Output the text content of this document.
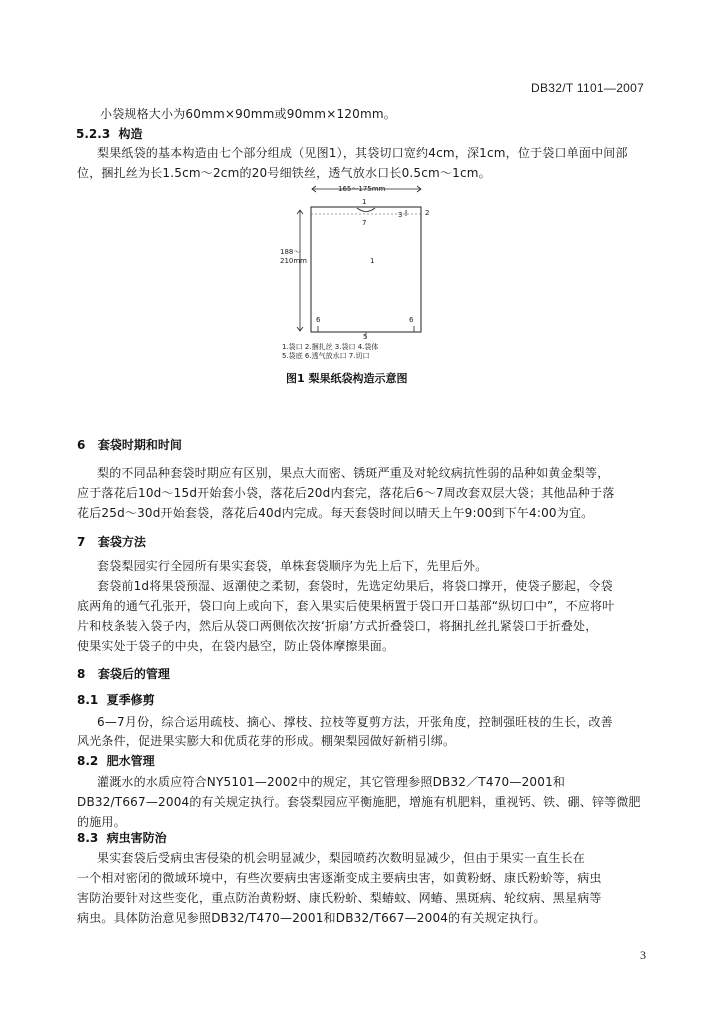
DB32/T 1101—2007
小袋规格大小为60mm×90mm或90mm×120mm。
5.2.3 构造
梨果纸袋的基本构造由七个部分组成（见图1），其袋切口宽约4cm，深1cm，位于袋口单面中间部
位，捆扎丝为长1.5cm～2cm的20号细铁丝，透气放水口长0.5cm～1cm。
165～175mm
188～
210mm
1
7
3	2
1
6	6
5
1.袋口 2.捆扎丝 3.袋口 4.袋体
5.袋底 6.透气放水口 7.切口
图1 梨果纸袋构造示意图
6 套袋时期和时间
梨的不同品种套袋时期应有区别，果点大而密、锈斑严重及对轮纹病抗性弱的品种如黄金梨等，
应于落花后10d～15d开始套小袋，落花后20d内套完，落花后6～7周改套双层大袋；其他品种于落
花后25d～30d开始套袋，落花后40d内完成。每天套袋时间以晴天上午9:00到下午4:00为宜。
7 套袋方法
套袋梨园实行全园所有果实套袋，单株套袋顺序为先上后下，先里后外。
套袋前1d将果袋预湿、返潮使之柔韧，套袋时，先选定幼果后，将袋口撑开，使袋子膨起，令袋
底两角的通气孔张开，袋口向上或向下，套入果实后使果柄置于袋口开口基部“纵切口中”，不应将叶
片和枝条装入袋子内，然后从袋口两侧依次按‘折扇’方式折叠袋口，将捆扎丝扎紧袋口于折叠处，
使果实处于袋子的中央，在袋内悬空，防止袋体摩擦果面。
8 套袋后的管理
8.1 夏季修剪
6—7月份，综合运用疏枝、摘心、撑枝、拉枝等夏剪方法，开张角度，控制强旺枝的生长，改善
风光条件，促进果实膨大和优质花芽的形成。棚架梨园做好新梢引绑。
8.2 肥水管理
灌溉水的水质应符合NY5101—2002中的规定，其它管理参照DB32／T470—2001和
DB32/T667—2004的有关规定执行。套袋梨园应平衡施肥，增施有机肥料，重视钙、铁、硼、锌等微肥
的施用。
8.3 病虫害防治
果实套袋后受病虫害侵染的机会明显减少，梨园喷药次数明显减少，但由于果实一直生长在
一个相对密闭的微域环境中，有些次要病虫害逐渐变成主要病虫害，如黄粉蚜、康氏粉蚧等，病虫
害防治要针对这些变化，重点防治黄粉蚜、康氏粉蚧、梨蝽蚊、网蝽、黑斑病、轮纹病、黑星病等
病虫。具体防治意见参照DB32/T470—2001和DB32/T667—2004的有关规定执行。
3
